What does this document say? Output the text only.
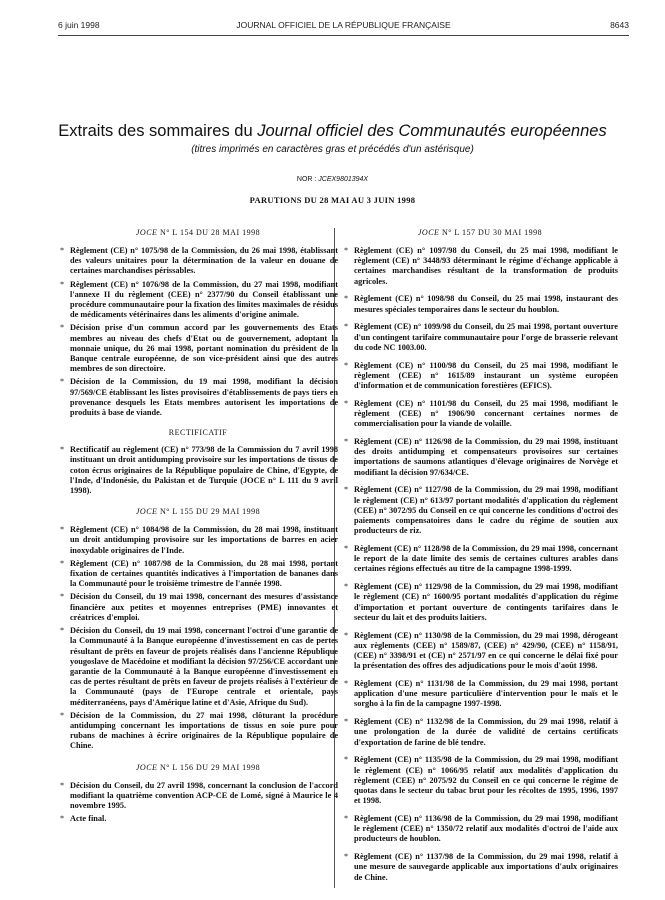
6 juin 1998	JOURNAL OFFICIEL DE LA RÉPUBLIQUE FRANÇAISE	8643
Extraits des sommaires du Journal officiel des Communautés européennes
(titres imprimés en caractères gras et précédés d'un astérisque)
NOR : JCEX9801394X
PARUTIONS DU 28 MAI AU 3 JUIN 1998
JOCE N° L 154 DU 28 MAI 1998
* Règlement (CE) n° 1075/98 de la Commission, du 26 mai 1998, établissant des valeurs unitaires pour la détermination de la valeur en douane de certaines marchandises périssables.
* Règlement (CE) n° 1076/98 de la Commission, du 27 mai 1998, modifiant l'annexe II du règlement (CEE) n° 2377/90 du Conseil établissant une procédure communautaire pour la fixation des limites maximales de résidus de médicaments vétérinaires dans les aliments d'origine animale.
* Décision prise d'un commun accord par les gouvernements des Etats membres au niveau des chefs d'Etat ou de gouvernement, adoptant la monnaie unique, du 26 mai 1998, portant nomination du président de la Banque centrale européenne, de son vice-président ainsi que des autres membres de son directoire.
* Décision de la Commission, du 19 mai 1998, modifiant la décision 97/569/CE établissant les listes provisoires d'établissements de pays tiers en provenance desquels les Etats membres autorisent les importations de produits à base de viande.
RECTIFICATIF
* Rectificatif au règlement (CE) n° 773/98 de la Commission du 7 avril 1998 instituant un droit antidumping provisoire sur les importations de tissus de coton écrus originaires de la République populaire de Chine, d'Egypte, de l'Inde, d'Indonésie, du Pakistan et de Turquie (JOCE n° L 111 du 9 avril 1998).
JOCE N° L 155 DU 29 MAI 1998
* Règlement (CE) n° 1084/98 de la Commission, du 28 mai 1998, instituant un droit antidumping provisoire sur les importations de barres en acier inoxydable originaires de l'Inde.
* Règlement (CE) n° 1087/98 de la Commission, du 28 mai 1998, portant fixation de certaines quantités indicatives à l'importation de bananes dans la Communauté pour le troisième trimestre de l'année 1998.
* Décision du Conseil, du 19 mai 1998, concernant des mesures d'assistance financière aux petites et moyennes entreprises (PME) innovantes et créatrices d'emploi.
* Décision du Conseil, du 19 mai 1998, concernant l'octroi d'une garantie de la Communauté à la Banque européenne d'investissement en cas de pertes résultant de prêts en faveur de projets réalisés dans l'ancienne République yougoslave de Macédoine et modifiant la décision 97/256/CE accordant une garantie de la Communauté à la Banque européenne d'investissement en cas de pertes résultant de prêts en faveur de projets réalisés à l'extérieur de la Communauté (pays de l'Europe centrale et orientale, pays méditerranéens, pays d'Amérique latine et d'Asie, Afrique du Sud).
* Décision de la Commission, du 27 mai 1998, clôturant la procédure antidumping concernant les importations de tissus en soie pure pour rubans de machines à écrire originaires de la République populaire de Chine.
JOCE N° L 156 DU 29 MAI 1998
* Décision du Conseil, du 27 avril 1998, concernant la conclusion de l'accord modifiant la quatrième convention ACP-CE de Lomé, signé à Maurice le 4 novembre 1995.
* Acte final.
JOCE N° L 157 DU 30 MAI 1998
* Règlement (CE) n° 1097/98 du Conseil, du 25 mai 1998, modifiant le règlement (CE) n° 3448/93 déterminant le régime d'échange applicable à certaines marchandises résultant de la transformation de produits agricoles.
* Règlement (CE) n° 1098/98 du Conseil, du 25 mai 1998, instaurant des mesures spéciales temporaires dans le secteur du houblon.
* Règlement (CE) n° 1099/98 du Conseil, du 25 mai 1998, portant ouverture d'un contingent tarifaire communautaire pour l'orge de brasserie relevant du code NC 1003.00.
* Règlement (CE) n° 1100/98 du Conseil, du 25 mai 1998, modifiant le règlement (CEE) n° 1615/89 instaurant un système européen d'information et de communication forestières (EFICS).
* Règlement (CE) n° 1101/98 du Conseil, du 25 mai 1998, modifiant le règlement (CEE) n° 1906/90 concernant certaines normes de commercialisation pour la viande de volaille.
* Règlement (CE) n° 1126/98 de la Commission, du 29 mai 1998, instituant des droits antidumping et compensateurs provisoires sur certaines importations de saumons atlantiques d'élevage originaires de Norvège et modifiant la décision 97/634/CE.
* Règlement (CE) n° 1127/98 de la Commission, du 29 mai 1998, modifiant le règlement (CE) n° 613/97 portant modalités d'application du règlement (CEE) n° 3072/95 du Conseil en ce qui concerne les conditions d'octroi des paiements compensatoires dans le cadre du régime de soutien aux producteurs de riz.
* Règlement (CE) n° 1128/98 de la Commission, du 29 mai 1998, concernant le report de la date limite des semis de certaines cultures arables dans certaines régions effectués au titre de la campagne 1998-1999.
* Règlement (CE) n° 1129/98 de la Commission, du 29 mai 1998, modifiant le règlement (CE) n° 1600/95 portant modalités d'application du régime d'importation et portant ouverture de contingents tarifaires dans le secteur du lait et des produits laitiers.
* Règlement (CE) n° 1130/98 de la Commission, du 29 mai 1998, dérogeant aux règlements (CEE) n° 1589/87, (CEE) n° 429/90, (CEE) n° 1158/91, (CEE) n° 3398/91 et (CE) n° 2571/97 en ce qui concerne le délai fixé pour la présentation des offres des adjudications pour le mois d'août 1998.
* Règlement (CE) n° 1131/98 de la Commission, du 29 mai 1998, portant application d'une mesure particulière d'intervention pour le maïs et le sorgho à la fin de la campagne 1997-1998.
* Règlement (CE) n° 1132/98 de la Commission, du 29 mai 1998, relatif à une prolongation de la durée de validité de certains certificats d'exportation de farine de blé tendre.
* Règlement (CE) n° 1135/98 de la Commission, du 29 mai 1998, modifiant le règlement (CE) n° 1066/95 relatif aux modalités d'application du règlement (CEE) n° 2075/92 du Conseil en ce qui concerne le régime de quotas dans le secteur du tabac brut pour les récoltes de 1995, 1996, 1997 et 1998.
* Règlement (CE) n° 1136/98 de la Commission, du 29 mai 1998, modifiant le règlement (CEE) n° 1350/72 relatif aux modalités d'octroi de l'aide aux producteurs de houblon.
* Règlement (CE) n° 1137/98 de la Commission, du 29 mai 1998, relatif à une mesure de sauvegarde applicable aux importations d'aulx originaires de Chine.
